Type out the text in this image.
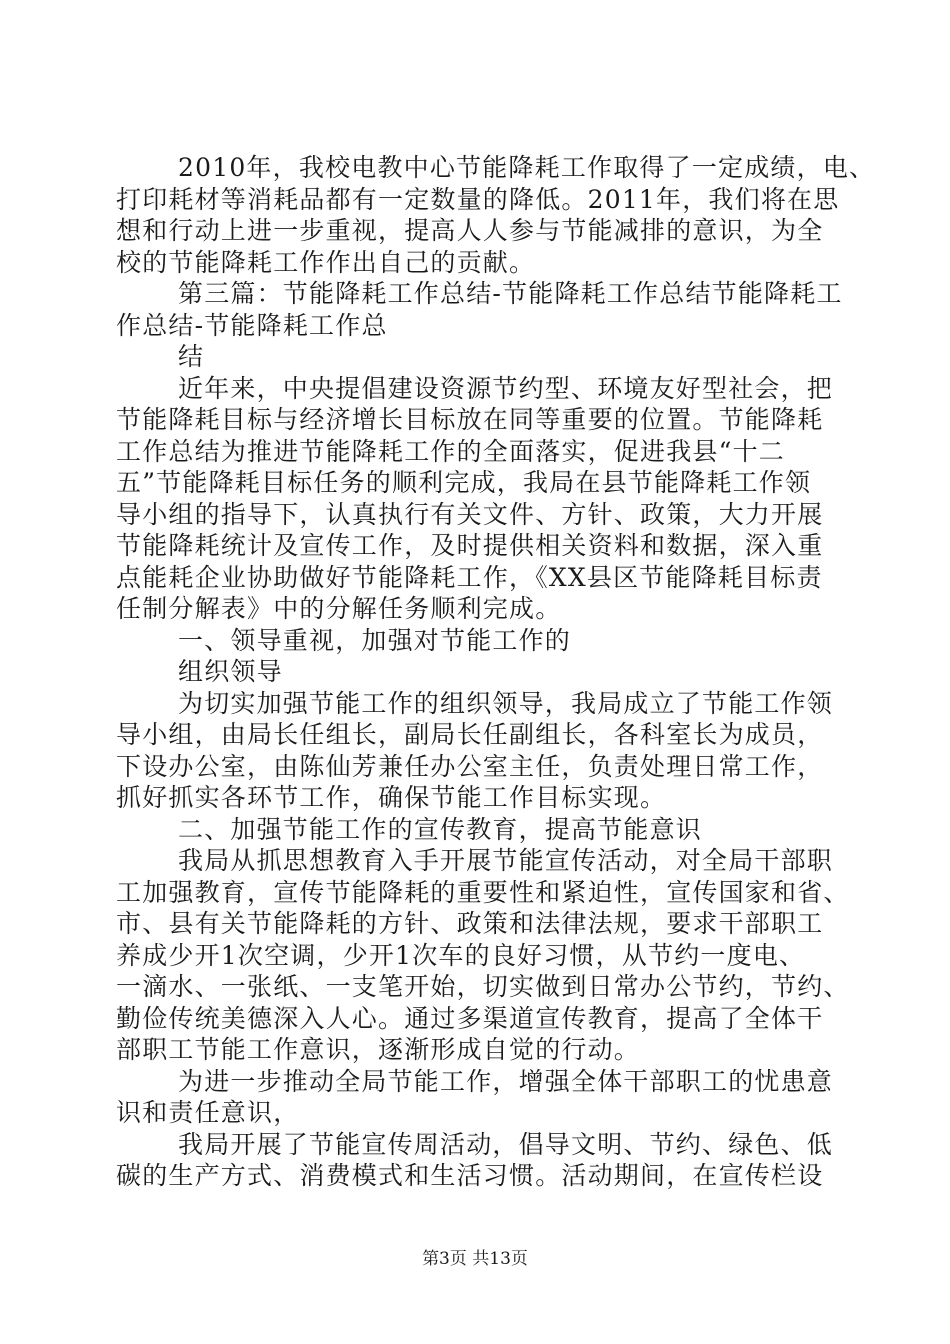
2010年，我校电教中心节能降耗工作取得了一定成绩，电、
打印耗材等消耗品都有一定数量的降低。2011年，我们将在思
想和行动上进一步重视，提高人人参与节能减排的意识，为全
校的节能降耗工作作出自己的贡献。
第三篇：节能降耗工作总结-节能降耗工作总结节能降耗工
作总结-节能降耗工作总
结
近年来，中央提倡建设资源节约型、环境友好型社会，把
节能降耗目标与经济增长目标放在同等重要的位置。节能降耗
工作总结为推进节能降耗工作的全面落实，促进我县“十二
五”节能降耗目标任务的顺利完成，我局在县节能降耗工作领
导小组的指导下，认真执行有关文件、方针、政策，大力开展
节能降耗统计及宣传工作，及时提供相关资料和数据，深入重
点能耗企业协助做好节能降耗工作，《XX县区节能降耗目标责
任制分解表》中的分解任务顺利完成。
一、领导重视，加强对节能工作的
组织领导
为切实加强节能工作的组织领导，我局成立了节能工作领
导小组，由局长任组长，副局长任副组长，各科室长为成员，
下设办公室，由陈仙芳兼任办公室主任，负责处理日常工作，
抓好抓实各环节工作，确保节能工作目标实现。
二、加强节能工作的宣传教育，提高节能意识
我局从抓思想教育入手开展节能宣传活动，对全局干部职
工加强教育，宣传节能降耗的重要性和紧迫性，宣传国家和省、
市、县有关节能降耗的方针、政策和法律法规，要求干部职工
养成少开1次空调，少开1次车的良好习惯，从节约一度电、
一滴水、一张纸、一支笔开始，切实做到日常办公节约，节约、
勤俭传统美德深入人心。通过多渠道宣传教育，提高了全体干
部职工节能工作意识，逐渐形成自觉的行动。
为进一步推动全局节能工作，增强全体干部职工的忧患意
识和责任意识，
我局开展了节能宣传周活动，倡导文明、节约、绿色、低
碳的生产方式、消费模式和生活习惯。活动期间，在宣传栏设
第3页 共13页
